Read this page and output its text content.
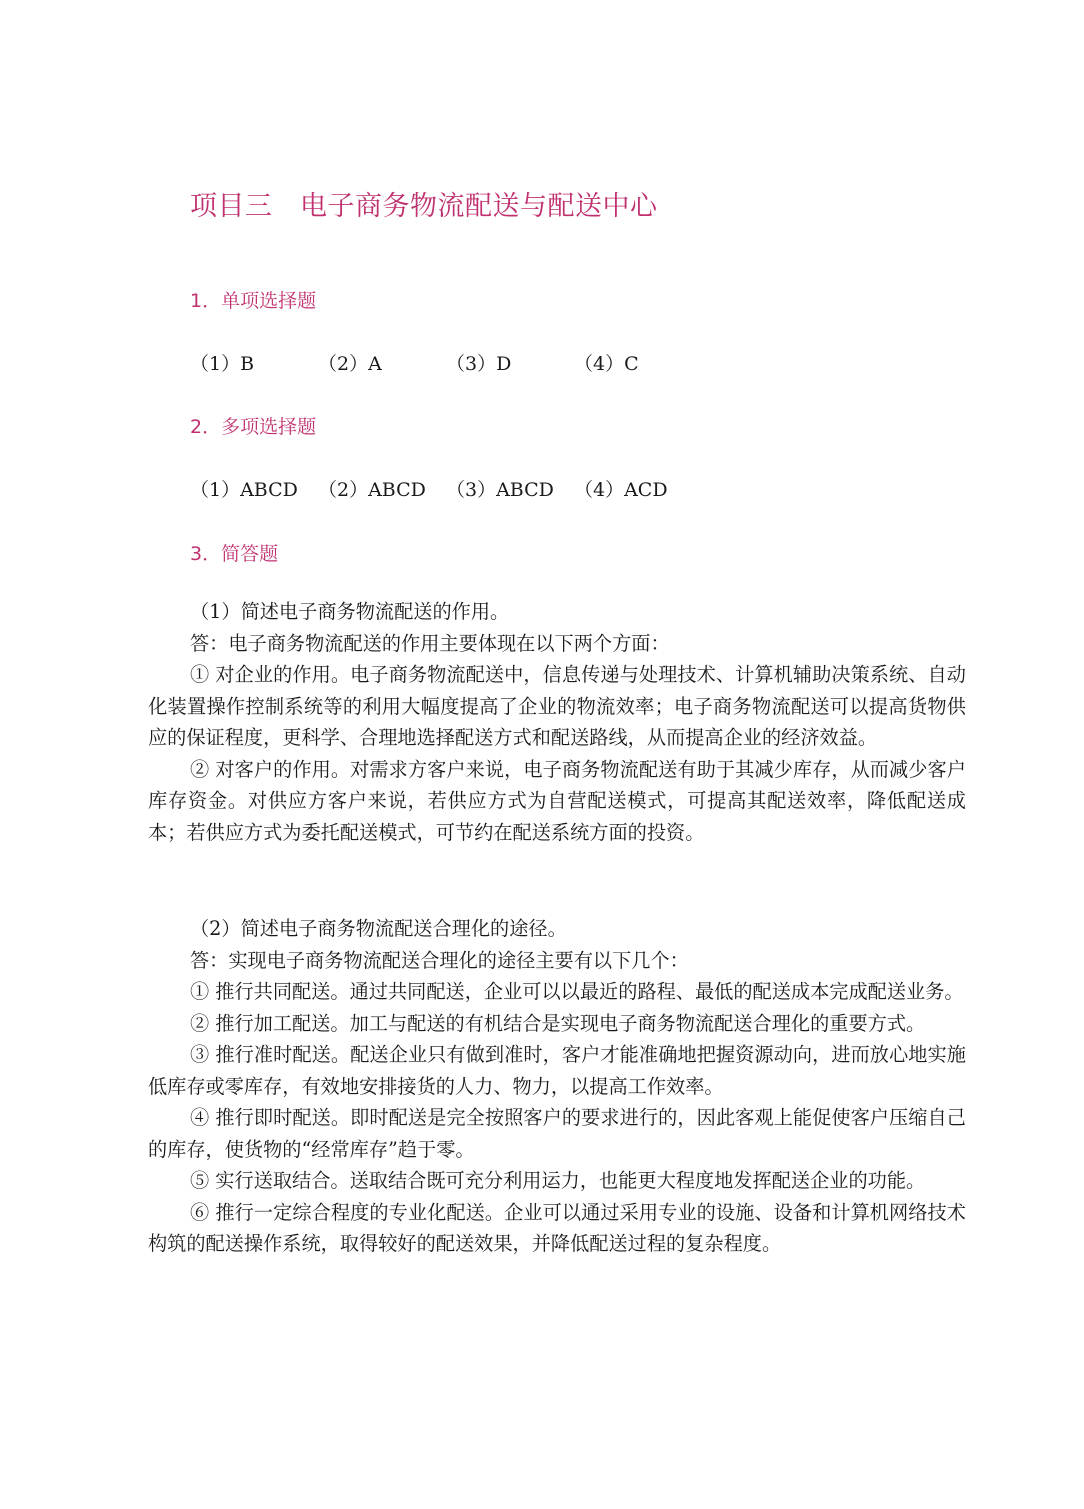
项目三　电子商务物流配送与配送中心
1．单项选择题
（1）B	（2）A	（3）D	（4）C
2．多项选择题
（1）ABCD （2）ABCD （3）ABCD （4）ACD
3．简答题

（1）简述电子商务物流配送的作用。

答：电子商务物流配送的作用主要体现在以下两个方面：

① 对企业的作用。电子商务物流配送中，信息传递与处理技术、计算机辅助决策系统、自动化装置操作控制系统等的利用大幅度提高了企业的物流效率；电子商务物流配送可以提高货物供应的保证程度，更科学、合理地选择配送方式和配送路线，从而提高企业的经济效益。

② 对客户的作用。对需求方客户来说，电子商务物流配送有助于其减少库存，从而减少客户库存资金。对供应方客户来说，若供应方式为自营配送模式，可提高其配送效率，降低配送成本；若供应方式为委托配送模式，可节约在配送系统方面的投资。

（2）简述电子商务物流配送合理化的途径。

答：实现电子商务物流配送合理化的途径主要有以下几个：

① 推行共同配送。通过共同配送，企业可以以最近的路程、最低的配送成本完成配送业务。

② 推行加工配送。加工与配送的有机结合是实现电子商务物流配送合理化的重要方式。

③ 推行准时配送。配送企业只有做到准时，客户才能准确地把握资源动向，进而放心地实施低库存或零库存，有效地安排接货的人力、物力，以提高工作效率。

④ 推行即时配送。即时配送是完全按照客户的要求进行的，因此客观上能促使客户压缩自己的库存，使货物的“经常库存”趋于零。

⑤ 实行送取结合。送取结合既可充分利用运力，也能更大程度地发挥配送企业的功能。

⑥ 推行一定综合程度的专业化配送。企业可以通过采用专业的设施、设备和计算机网络技术构筑的配送操作系统，取得较好的配送效果，并降低配送过程的复杂程度。
